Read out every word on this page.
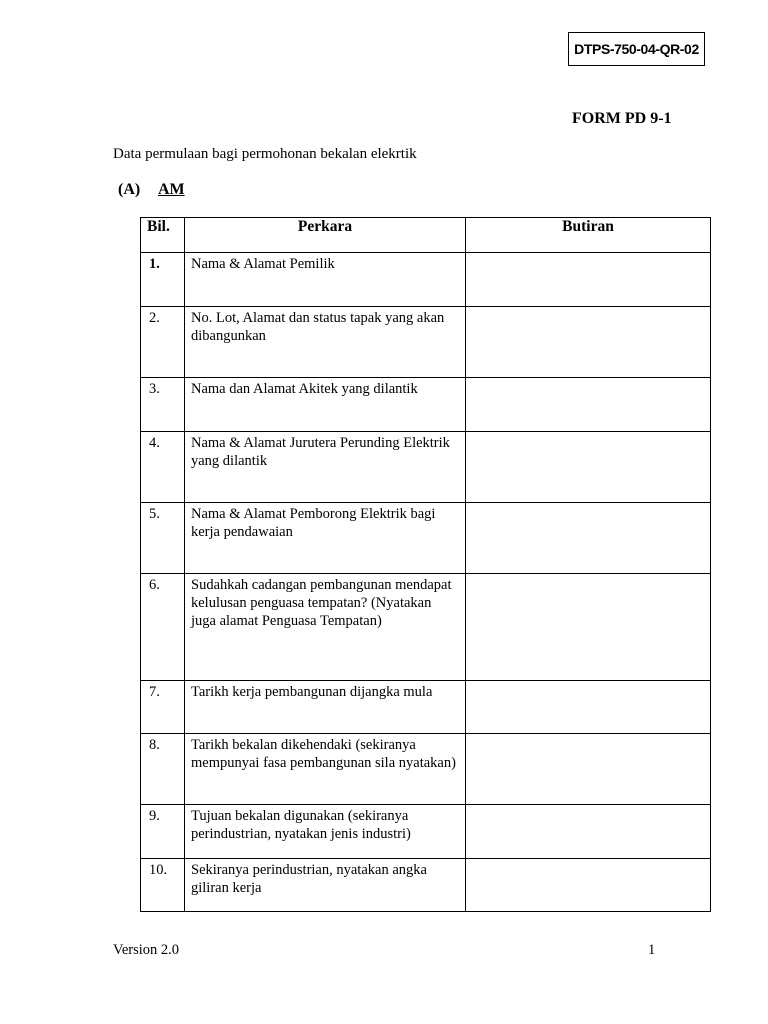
DTPS-750-04-QR-02
FORM PD 9-1
Data permulaan bagi permohonan bekalan elekrtik
(A) AM
Bil.	Perkara	Butiran
1.	Nama & Alamat Pemilik	
2.	No. Lot, Alamat dan status tapak yang akan dibangunkan	
3.	Nama dan Alamat Akitek yang dilantik	
4.	Nama & Alamat Jurutera Perunding Elektrik yang dilantik	
5.	Nama & Alamat Pemborong Elektrik bagi kerja pendawaian	
6.	Sudahkah cadangan pembangunan mendapat kelulusan penguasa tempatan? (Nyatakan juga alamat Penguasa Tempatan)	
7.	Tarikh kerja pembangunan dijangka mula	
8.	Tarikh bekalan dikehendaki (sekiranya mempunyai fasa pembangunan sila nyatakan)	
9.	Tujuan bekalan digunakan (sekiranya perindustrian, nyatakan jenis industri)	
10.	Sekiranya perindustrian, nyatakan angka giliran kerja	
Version 2.0	1
